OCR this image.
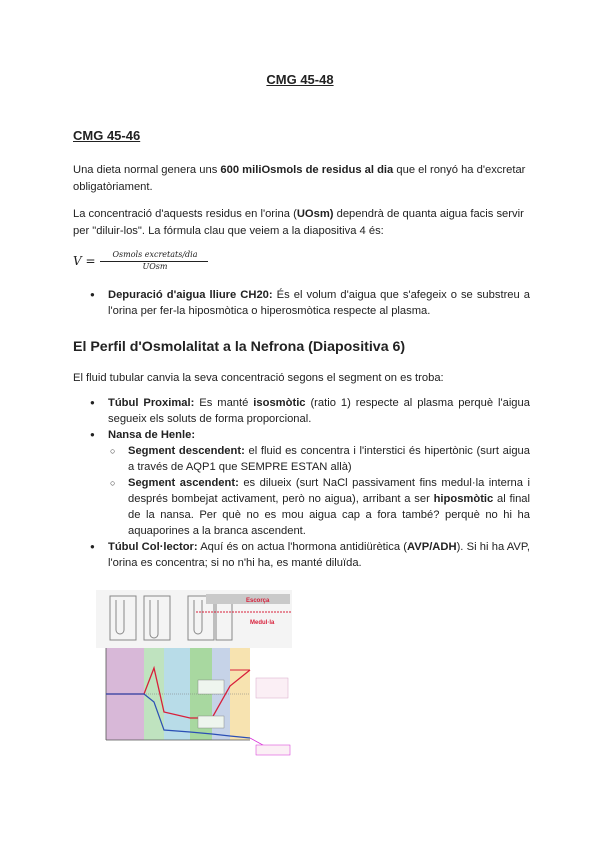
CMG 45-48
CMG 45-46
Una dieta normal genera uns 600 miliOsmols de residus al dia que el ronyó ha d'excretar obligatòriament.
La concentració d'aquests residus en l'orina (UOsm) dependrà de quanta aigua facis servir per "diluir-los". La fórmula clau que veiem a la diapositiva 4 és:
V =	Osmols excretats/dia
UOsm
● Depuració d'aigua lliure CH20: És el volum d'aigua que s'afegeix o se substreu a l'orina per fer-la hiposmòtica o hiperosmòtica respecte al plasma.
El Perfil d'Osmolalitat a la Nefrona (Diapositiva 6)
El fluid tubular canvia la seva concentració segons el segment on es troba:
● Túbul Proximal: Es manté isosmòtic (ratio 1) respecte al plasma perquè l'aigua segueix els soluts de forma proporcional.
● Nansa de Henle:
○ Segment descendent: el fluid es concentra i l'interstici és hipertònic (surt aigua a través de AQP1 que SEMPRE ESTAN allà)
○ Segment ascendent: es dilueix (surt NaCl passivament fins medul·la interna i després bombejat activament, però no aigua), arribant a ser hiposmòtic al final de la nansa. Per què no es mou aigua cap a fora també? perquè no hi ha aquaporines a la branca ascendent.
● Túbul Col·lector: Aquí és on actua l'hormona antidiürètica (AVP/ADH). Si hi ha AVP, l'orina es concentra; si no n'hi ha, es manté diluïda.
Escorça
Medul·la
